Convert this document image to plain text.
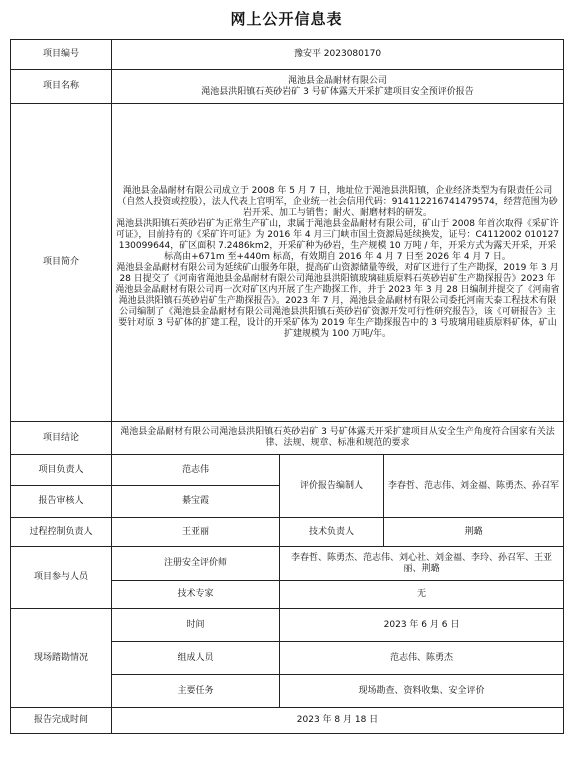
网上公开信息表
项目编号	豫安平 2023080170		
项目名称	渑池县金晶耐材有限公司
渑池县洪阳镇石英砂岩矿 3 号矿体露天开采扩建项目安全预评价报告		

项目简介	渑池县金晶耐材有限公司成立于 2008 年 5 月 7 日，地址位于渑池县洪阳镇，企业经济类型为有限责任公司（自然人投资或控股），法人代表上官明军，企业统一社会信用代码：914112216741479574，经营范围为砂岩开采、加工与销售；耐火、耐磨材料的研发。

渑池县洪阳镇石英砂岩矿为正常生产矿山，隶属于渑池县金晶耐材有限公司，矿山于 2008 年首次取得《采矿许可证》，目前持有的《采矿许可证》为 2016 年 4 月三门峡市国土资源局延续换发，证号：C4112002 010127130099644，矿区面积 7.2486km2，开采矿种为砂岩，生产规模 10 万吨 / 年，开采方式为露天开采，开采标高由+671m 至+440m 标高，有效期自 2016 年 4 月 7 日至 2026 年 4 月 7 日。

渑池县金晶耐材有限公司为延续矿山服务年限，提高矿山资源储量等级，对矿区进行了生产勘探，2019 年 3 月 28 日提交了《河南省渑池县金晶耐材有限公司渑池县洪阳镇玻璃硅质原料石英砂岩矿生产勘探报告》2023 年渑池县金晶耐材有限公司再一次对矿区内开展了生产勘探工作，并于 2023 年 3 月 28 日编制并提交了《河南省渑池县洪阳镇石英砂岩矿生产勘探报告》。2023 年 7 月，渑池县金晶耐材有限公司委托河南天泰工程技术有限公司编制了《渑池县金晶耐材有限公司渑池县洪阳镇石英砂岩矿资源开发可行性研究报告》，该《可研报告》主要针对原 3 号矿体的扩建工程，设计的开采矿体为 2019 年生产勘探报告中的 3 号玻璃用硅质原料矿体，矿山扩建规模为 100 万吨/年。		

项目结论	渑池县金晶耐材有限公司渑池县洪阳镇石英砂岩矿 3 号矿体露天开采扩建项目从安全生产角度符合国家有关法律、法规、规章、标准和规范的要求		
项目负责人	范志伟	评价报告编制人	李春哲、范志伟、刘金福、陈勇杰、孙召军
报告审核人	綦宝霞		
过程控制负责人	王亚丽	技术负责人	荆璐
项目参与人员	注册安全评价师	李春哲、陈勇杰、范志伟、刘心社、刘金福、李玲、孙召军、王亚丽、荆璐	
	技术专家	无	
现场踏勘情况	时间	2023 年 6 月 6 日	
	组成人员	范志伟、陈勇杰	
	主要任务	现场勘查、资料收集、安全评价	
报告完成时间	2023 年 8 月 18 日		
